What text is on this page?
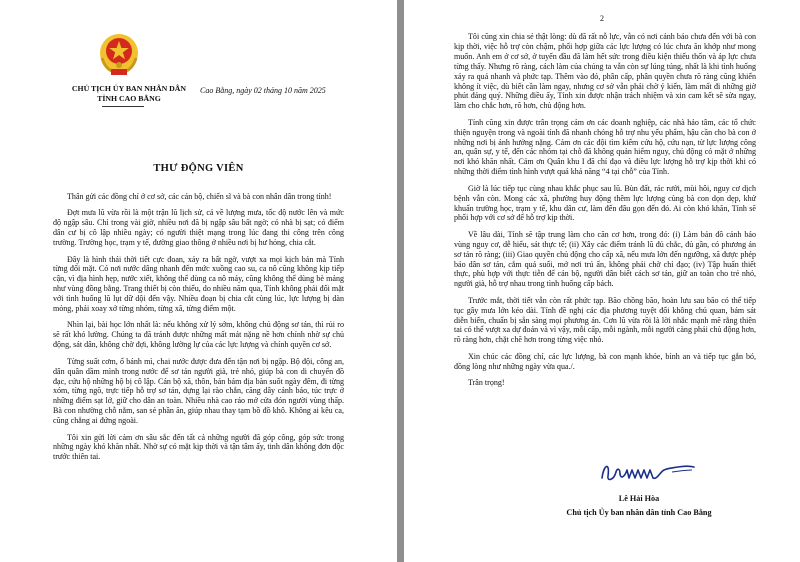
CHỦ TỊCH ỦY BAN NHÂN DÂN
TỈNH CAO BẰNG
Cao Bằng, ngày 02 tháng 10 năm 2025
THƯ ĐỘNG VIÊN

Thân gửi các đồng chí ở cơ sở, các cán bộ, chiến sĩ và bà con nhân dân trong tỉnh!

Đợt mưa lũ vừa rồi là một trận lũ lịch sử, cả về lượng mưa, tốc độ nước lên và mức độ ngập sâu. Chỉ trong vài giờ, nhiều nơi đã bị ngập sâu bất ngờ; có nhà bị sạt; có điểm dân cư bị cô lập nhiều ngày; có người thiệt mạng trong lúc đang thi công trên công trường. Trường học, trạm y tế, đường giao thông ở nhiều nơi bị hư hỏng, chia cắt.

Đây là hình thái thời tiết cực đoan, xảy ra bất ngờ, vượt xa mọi kịch bản mà Tỉnh từng đối mặt. Có nơi nước dâng nhanh đến mức xuồng cao su, ca nô cũng không kịp tiếp cận, vì địa hình hẹp, nước xiết, không thể dùng ca nô máy, cũng không thể dùng bè mảng như vùng đồng bằng. Trang thiết bị còn thiếu, do nhiều năm qua, Tỉnh không phải đối mặt với tình huống lũ lụt dữ dội đến vậy. Nhiều đoạn bị chia cắt cùng lúc, lực lượng bị dàn mỏng, phải xoay xở từng nhóm, từng xã, từng điểm một.

Nhìn lại, bài học lớn nhất là: nếu không xử lý sớm, không chủ động sơ tán, thì rủi ro sẽ rất khó lường. Chúng ta đã tránh được những mất mát nặng nề hơn chính nhờ sự chủ động, sát dân, không chờ đợi, không lường lự của các lực lượng và chính quyền cơ sở.

Từng suất cơm, ổ bánh mì, chai nước được đưa đến tận nơi bị ngập. Bộ đội, công an, dân quân dầm mình trong nước để sơ tán người già, trẻ nhỏ, giúp bà con di chuyển đồ đạc, cứu hộ những hộ bị cô lập. Cán bộ xã, thôn, bản bám địa bàn suốt ngày đêm, đi từng xóm, từng ngõ, trực tiếp hỗ trợ sơ tán, dựng lại rào chắn, căng dây cảnh báo, túc trực ở những điểm sạt lở, giữ cho dân an toàn. Nhiều nhà cao ráo mở cửa đón người vùng thấp. Bà con nhường chỗ nằm, san sẻ phần ăn, giúp nhau thay tạm bồ đồ khô. Không ai kêu ca, cũng chẳng ai đứng ngoài.

Tôi xin gửi lời cảm ơn sâu sắc đến tất cả những người đã góp công, góp sức trong những ngày khó khăn nhất. Nhờ sự có mặt kịp thời và tận tâm ấy, tinh dân không đơn độc trước thiên tai.

2

Tôi cũng xin chia sẻ thật lòng: dù đã rất nỗ lực, vẫn có nơi cảnh báo chưa đến với bà con kịp thời, việc hỗ trợ còn chậm, phối hợp giữa các lực lượng có lúc chưa ăn khớp như mong muốn. Anh em ở cơ sở, ở tuyến đầu đã làm hết sức trong điều kiện thiếu thốn và áp lực chưa từng thấy. Nhưng rõ ràng, cách làm của chúng ta vẫn còn sự lúng túng, nhất là khi tình huống xảy ra quá nhanh và phức tạp. Thêm vào đó, phân cấp, phân quyền chưa rõ ràng cũng khiến không ít việc, dù biết cần làm ngay, nhưng cơ sở vẫn phải chờ ý kiến, làm mất đi những giờ phút đáng quý. Những điều ấy, Tỉnh xin được nhận trách nhiệm và xin cam kết sẽ sửa ngay, làm cho chắc hơn, rõ hơn, chủ động hơn.

Tỉnh cũng xin được trân trọng cảm ơn các doanh nghiệp, các nhà hảo tâm, các tổ chức thiện nguyện trong và ngoài tỉnh đã nhanh chóng hỗ trợ nhu yếu phẩm, hậu cần cho bà con ở những nơi bị ảnh hưởng nặng. Cảm ơn các đội tìm kiếm cứu hộ, cứu nạn, từ lực lượng công an, quân sự, y tế, đến các nhóm tại chỗ đã không quản hiểm nguy, chủ động có mặt ở những nơi khó khăn nhất. Cảm ơn Quân khu I đã chỉ đạo và điều lực lượng hỗ trợ kịp thời khi có những thời điểm tình hình vượt quá khả năng “4 tại chỗ” của Tỉnh.

Giờ là lúc tiếp tục cùng nhau khắc phục sau lũ. Bùn đất, rác rưởi, mùi hôi, nguy cơ dịch bệnh vẫn còn. Mong các xã, phường huy động thêm lực lượng cùng bà con dọn dẹp, khử khuẩn trường học, trạm y tế, khu dân cư, làm đến đâu gọn đến đó. Ai còn khó khăn, Tỉnh sẽ phối hợp với cơ sở để hỗ trợ kịp thời.

Về lâu dài, Tỉnh sẽ tập trung làm cho căn cơ hơn, trong đó: (i) Làm bản đồ cảnh báo vùng nguy cơ, dễ hiểu, sát thực tế; (ii) Xây các điểm tránh lũ đủ chắc, đủ gần, có phương án sơ tán rõ ràng; (iii) Giao quyền chủ động cho cấp xã, nếu mưa lớn đến ngưỡng, xã được phép báo dân sơ tán, cắm quá suối, mở nơi trú ẩn, không phải chờ chỉ đạo; (iv) Tập huấn thiết thực, phù hợp với thực tiễn để cán bộ, người dân biết cách sơ tán, giữ an toàn cho trẻ nhỏ, người già, hỗ trợ nhau trong tình huống cấp bách.

Trước mắt, thời tiết vẫn còn rất phức tạp. Bão chồng bão, hoàn lưu sau bão có thể tiếp tục gây mưa lớn kéo dài. Tỉnh đề nghị các địa phương tuyệt đối không chủ quan, bám sát diễn biến, chuẩn bị sẵn sàng mọi phương án. Cơn lũ vừa rồi là lời nhắc mạnh mẽ rằng thiên tai có thể vượt xa dự đoán và vì vậy, mỗi cấp, mỗi ngành, mỗi người càng phải chủ động hơn, rõ ràng hơn, chặt chẽ hơn trong từng việc nhỏ.

Xin chúc các đồng chí, các lực lượng, bà con mạnh khỏe, bình an và tiếp tục gắn bó, đồng lòng như những ngày vừa qua./.

Trân trọng!

Lê Hải Hòa
Chủ tịch Ủy ban nhân dân tỉnh Cao Bằng
